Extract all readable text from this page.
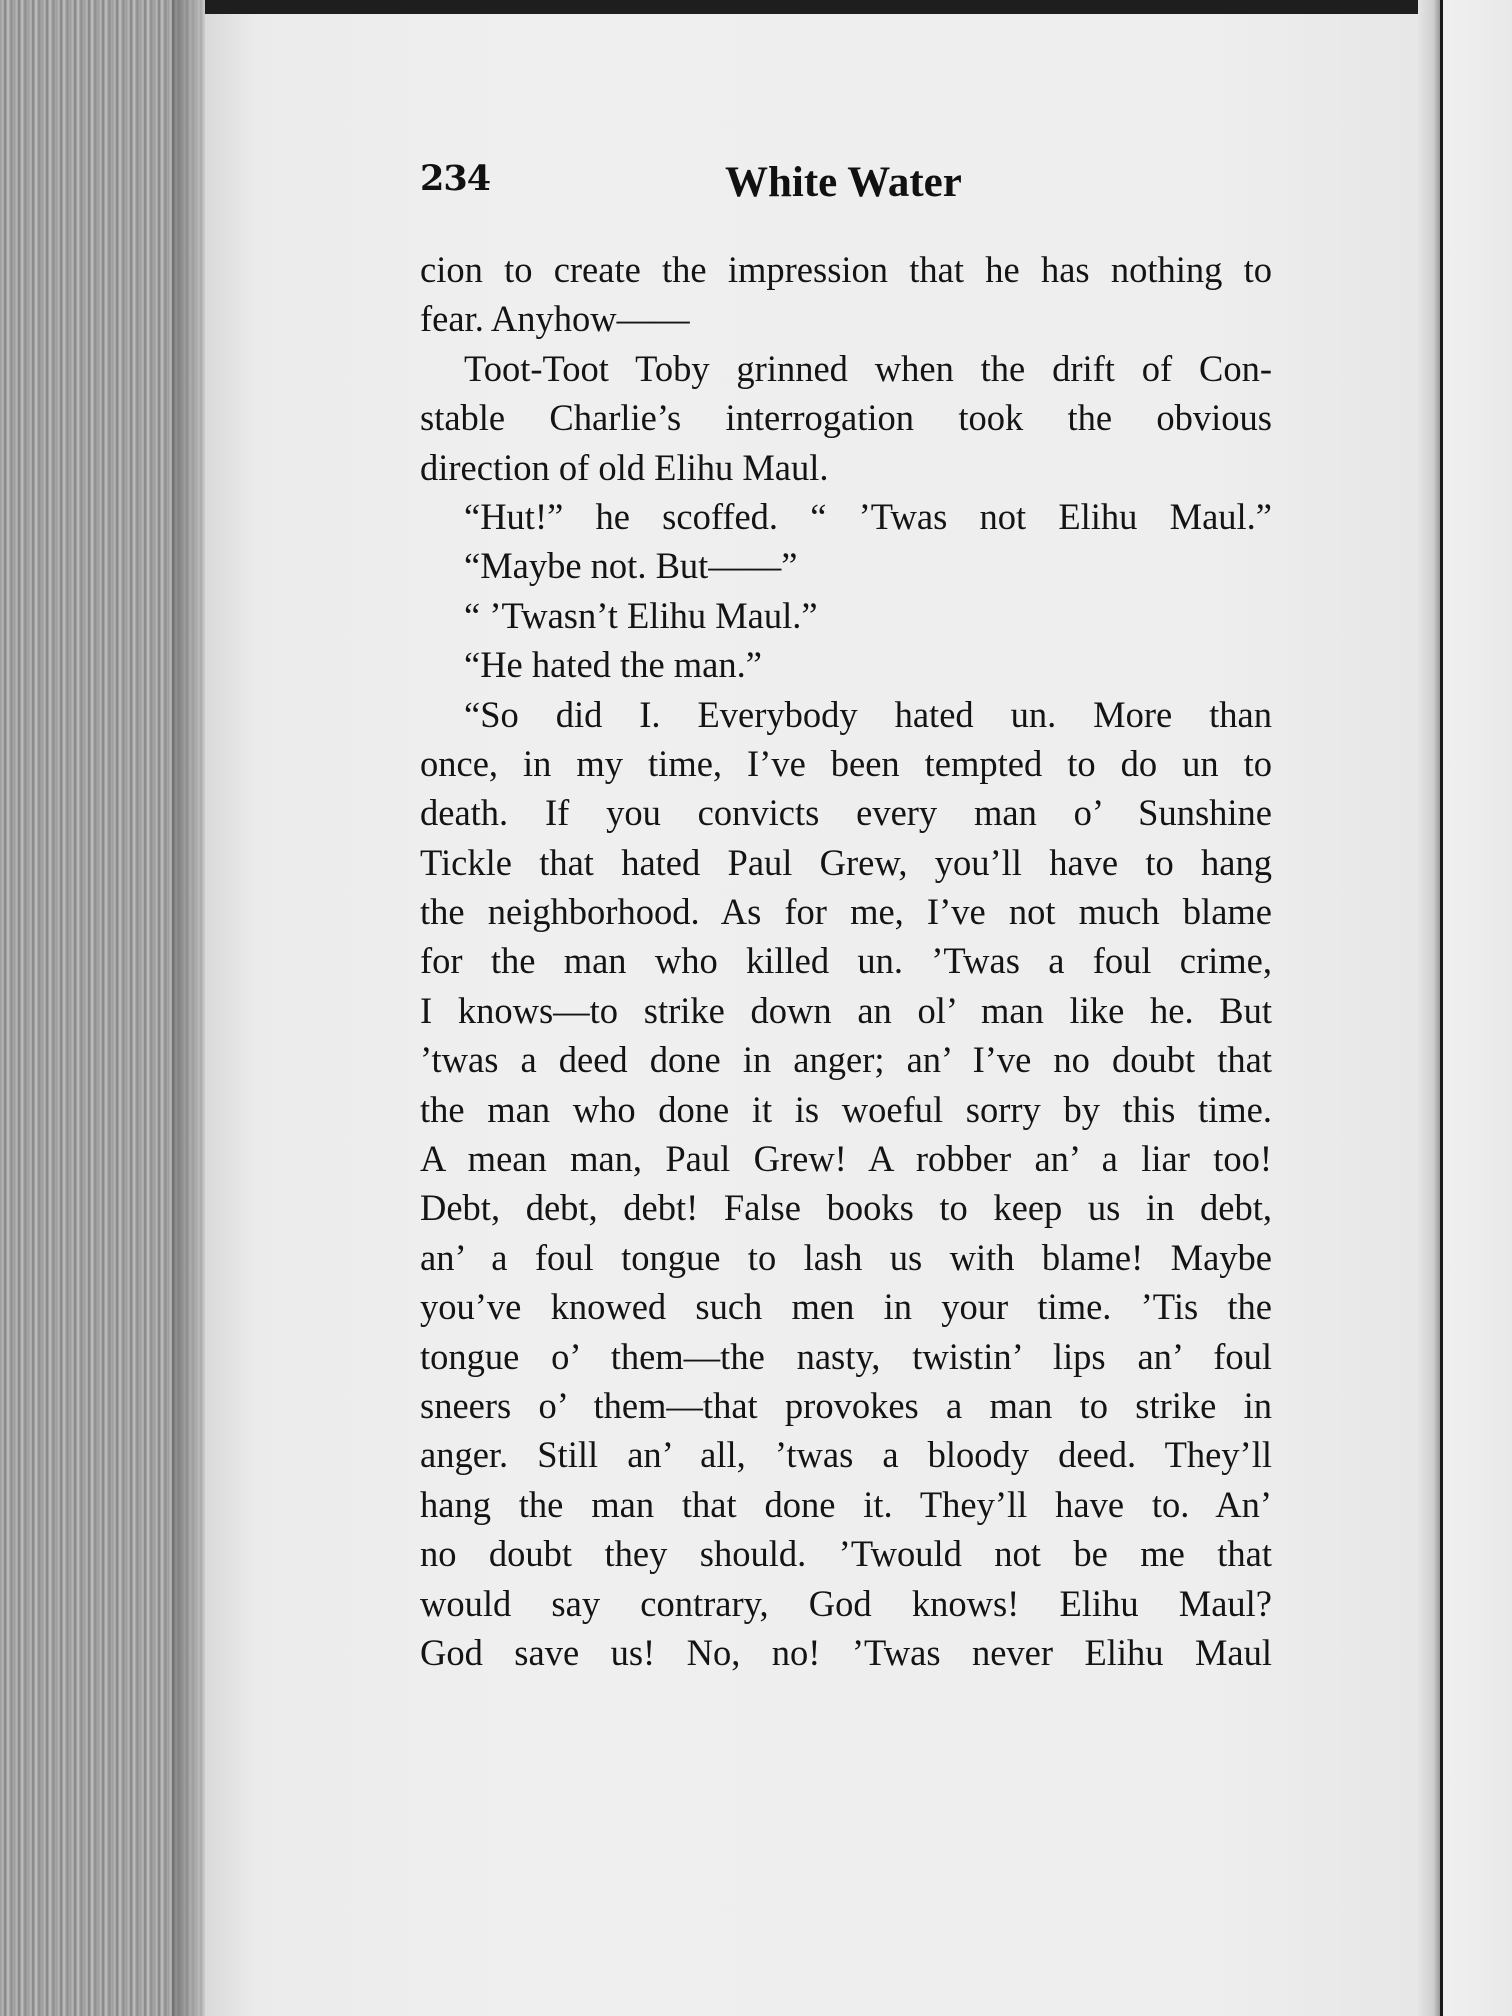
234	White Water
cion to create the impression that he has nothing to
fear. Anyhow——
Toot-Toot Toby grinned when the drift of Con-
stable Charlie’s interrogation took the obvious
direction of old Elihu Maul.
“Hut!” he scoffed. “ ’Twas not Elihu Maul.”
“Maybe not. But——”
“ ’Twasn’t Elihu Maul.”
“He hated the man.”
“So did I. Everybody hated un. More than
once, in my time, I’ve been tempted to do un to
death. If you convicts every man o’ Sunshine
Tickle that hated Paul Grew, you’ll have to hang
the neighborhood. As for me, I’ve not much blame
for the man who killed un. ’Twas a foul crime,
I knows—to strike down an ol’ man like he. But
’twas a deed done in anger; an’ I’ve no doubt that
the man who done it is woeful sorry by this time.
A mean man, Paul Grew! A robber an’ a liar too!
Debt, debt, debt! False books to keep us in debt,
an’ a foul tongue to lash us with blame! Maybe
you’ve knowed such men in your time. ’Tis the
tongue o’ them—the nasty, twistin’ lips an’ foul
sneers o’ them—that provokes a man to strike in
anger. Still an’ all, ’twas a bloody deed. They’ll
hang the man that done it. They’ll have to. An’
no doubt they should. ’Twould not be me that
would say contrary, God knows! Elihu Maul?
God save us! No, no! ’Twas never Elihu Maul
